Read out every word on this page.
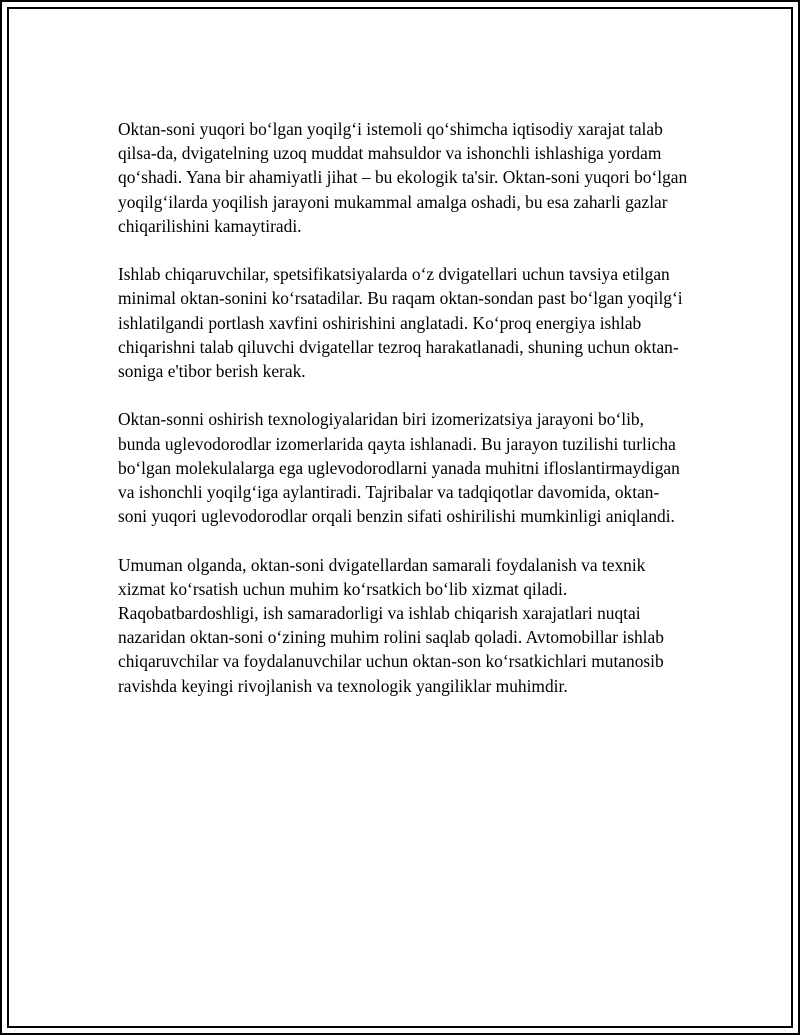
Oktan-soni yuqori bo‘lgan yoqilg‘i istemoli qo‘shimcha iqtisodiy xarajat talab qilsa-da, dvigatelning uzoq muddat mahsuldor va ishonchli ishlashiga yordam qo‘shadi. Yana bir ahamiyatli jihat – bu ekologik ta'sir. Oktan-soni yuqori bo‘lgan yoqilg‘ilarda yoqilish jarayoni mukammal amalga oshadi, bu esa zaharli gazlar chiqarilishini kamaytiradi.

Ishlab chiqaruvchilar, spetsifikatsiyalarda o‘z dvigatellari uchun tavsiya etilgan minimal oktan-sonini ko‘rsatadilar. Bu raqam oktan-sondan past bo‘lgan yoqilg‘i ishlatilgandi portlash xavfini oshirishini anglatadi. Ko‘proq energiya ishlab chiqarishni talab qiluvchi dvigatellar tezroq harakatlanadi, shuning uchun oktan-soniga e'tibor berish kerak.

Oktan-sonni oshirish texnologiyalaridan biri izomerizatsiya jarayoni bo‘lib, bunda uglevodorodlar izomerlarida qayta ishlanadi. Bu jarayon tuzilishi turlicha bo‘lgan molekulalarga ega uglevodorodlarni yanada muhitni ifloslantirmaydigan va ishonchli yoqilg‘iga aylantiradi. Tajribalar va tadqiqotlar davomida, oktan-soni yuqori uglevodorodlar orqali benzin sifati oshirilishi mumkinligi aniqlandi.

Umuman olganda, oktan-soni dvigatellardan samarali foydalanish va texnik xizmat ko‘rsatish uchun muhim ko‘rsatkich bo‘lib xizmat qiladi. Raqobatbardoshligi, ish samaradorligi va ishlab chiqarish xarajatlari nuqtai nazaridan oktan-soni o‘zining muhim rolini saqlab qoladi. Avtomobillar ishlab chiqaruvchilar va foydalanuvchilar uchun oktan-son ko‘rsatkichlari mutanosib ravishda keyingi rivojlanish va texnologik yangiliklar muhimdir.
